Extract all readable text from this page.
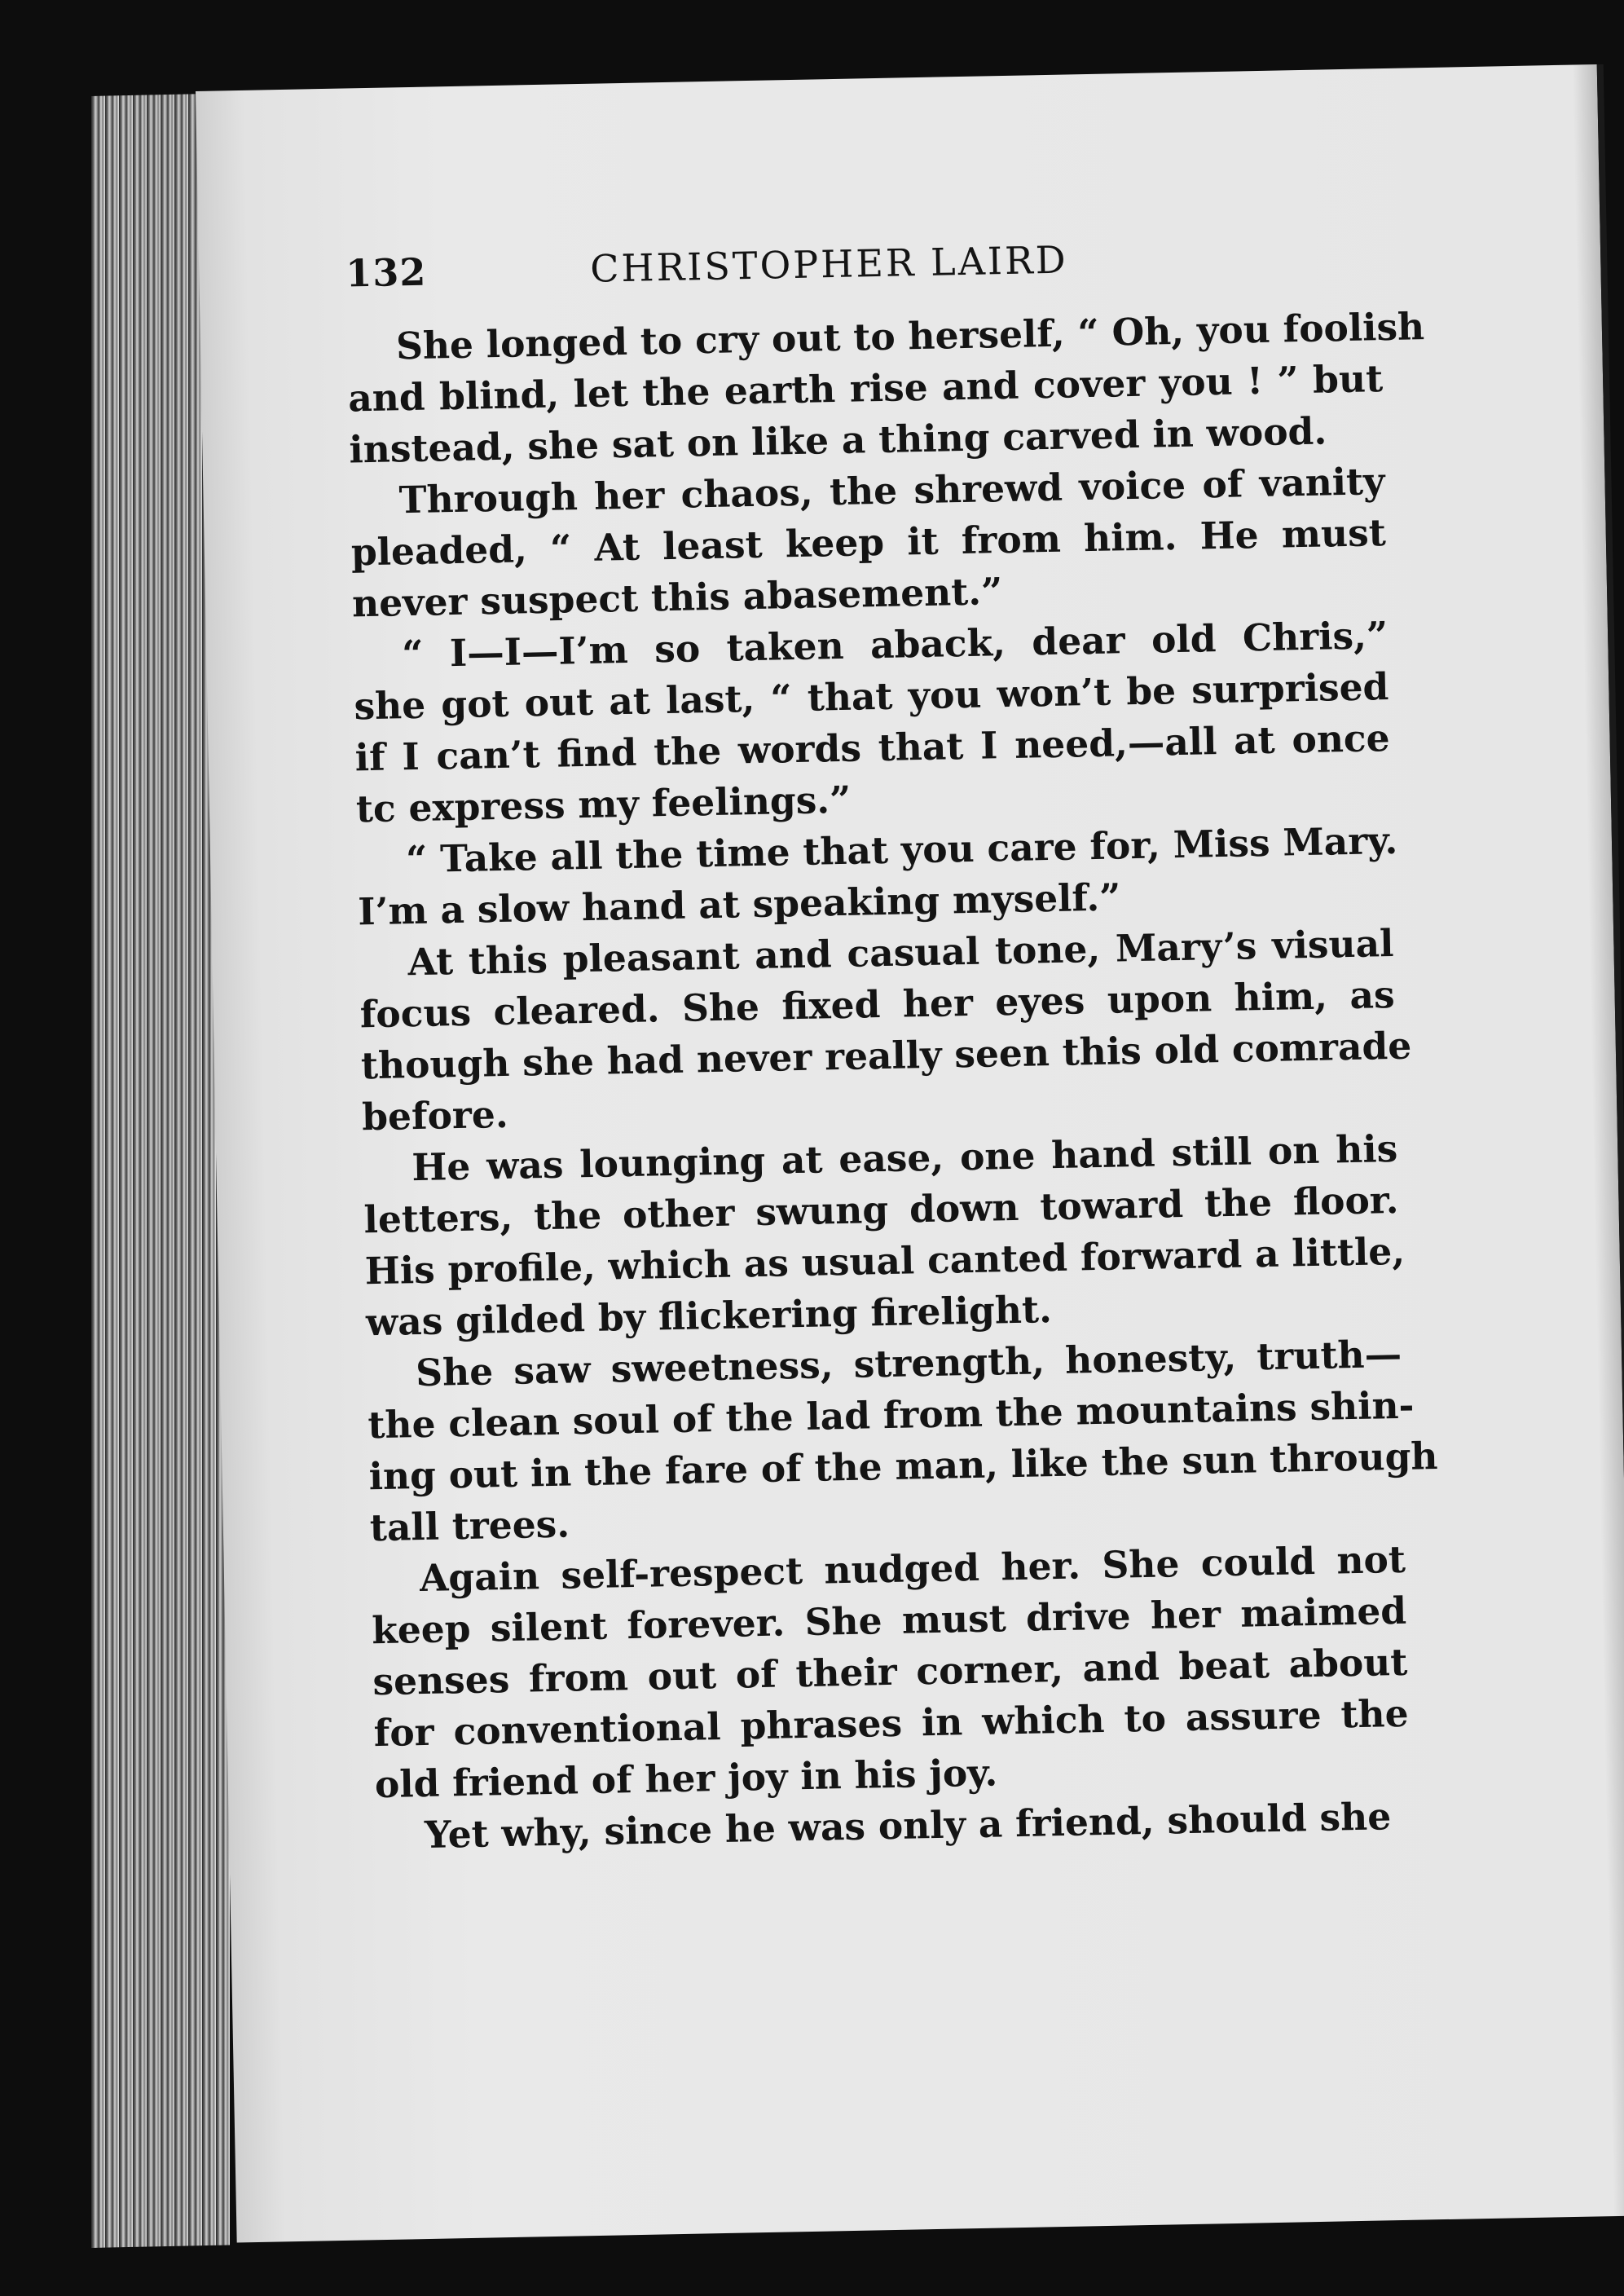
132	CHRISTOPHER LAIRD

She longed to cry out to herself, “ Oh, you foolish
and blind, let the earth rise and cover you ! ” but
instead, she sat on like a thing carved in wood.

Through her chaos, the shrewd voice of vanity
pleaded, “ At least keep it from him. He must
never suspect this abasement.”

“ I—I—I’m so taken aback, dear old Chris,”
she got out at last, “ that you won’t be surprised
if I can’t find the words that I need,—all at once
tc express my feelings.”

“ Take all the time that you care for, Miss Mary.
I’m a slow hand at speaking myself.”

At this pleasant and casual tone, Mary’s visual
focus cleared. She fixed her eyes upon him, as
though she had never really seen this old comrade
before.

He was lounging at ease, one hand still on his
letters, the other swung down toward the floor.
His profile, which as usual canted forward a little,
was gilded by flickering firelight.

She saw sweetness, strength, honesty, truth—
the clean soul of the lad from the mountains shin-
ing out in the fare of the man, like the sun through
tall trees.

Again self-respect nudged her. She could not
keep silent forever. She must drive her maimed
senses from out of their corner, and beat about
for conventional phrases in which to assure the
old friend of her joy in his joy.

Yet why, since he was only a friend, should she
